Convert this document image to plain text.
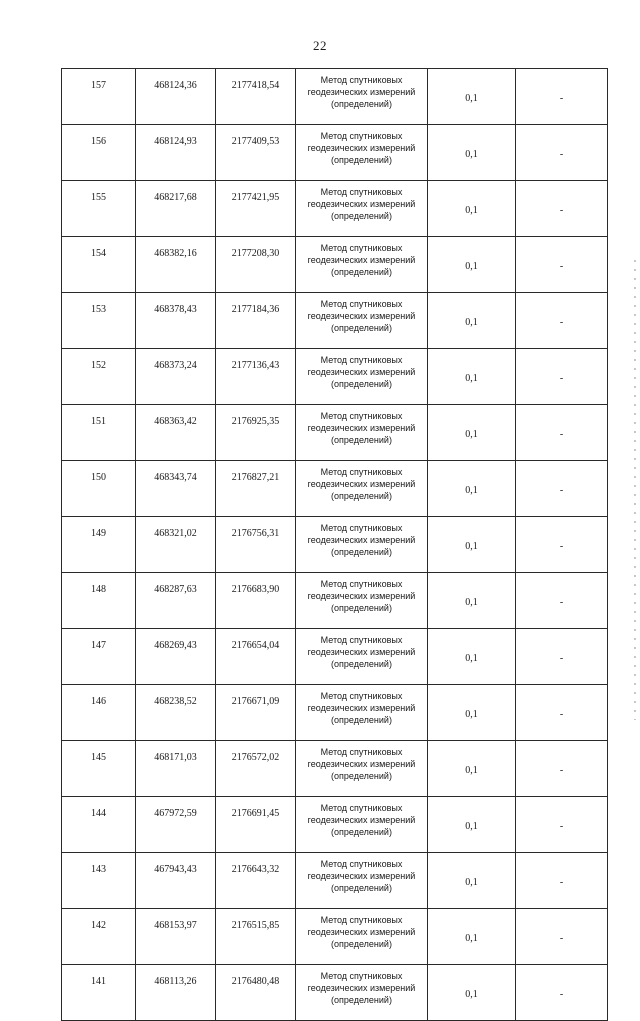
22
157	468124,36	2177418,54	Метод спутниковых
геодезических измерений
(определений)	0,1	-
156	468124,93	2177409,53	Метод спутниковых
геодезических измерений
(определений)	0,1	-
155	468217,68	2177421,95	Метод спутниковых
геодезических измерений
(определений)	0,1	-
154	468382,16	2177208,30	Метод спутниковых
геодезических измерений
(определений)	0,1	-
153	468378,43	2177184,36	Метод спутниковых
геодезических измерений
(определений)	0,1	-
152	468373,24	2177136,43	Метод спутниковых
геодезических измерений
(определений)	0,1	-
151	468363,42	2176925,35	Метод спутниковых
геодезических измерений
(определений)	0,1	-
150	468343,74	2176827,21	Метод спутниковых
геодезических измерений
(определений)	0,1	-
149	468321,02	2176756,31	Метод спутниковых
геодезических измерений
(определений)	0,1	-
148	468287,63	2176683,90	Метод спутниковых
геодезических измерений
(определений)	0,1	-
147	468269,43	2176654,04	Метод спутниковых
геодезических измерений
(определений)	0,1	-
146	468238,52	2176671,09	Метод спутниковых
геодезических измерений
(определений)	0,1	-
145	468171,03	2176572,02	Метод спутниковых
геодезических измерений
(определений)	0,1	-
144	467972,59	2176691,45	Метод спутниковых
геодезических измерений
(определений)	0,1	-
143	467943,43	2176643,32	Метод спутниковых
геодезических измерений
(определений)	0,1	-
142	468153,97	2176515,85	Метод спутниковых
геодезических измерений
(определений)	0,1	-
141	468113,26	2176480,48	Метод спутниковых
геодезических измерений
(определений)	0,1	-
